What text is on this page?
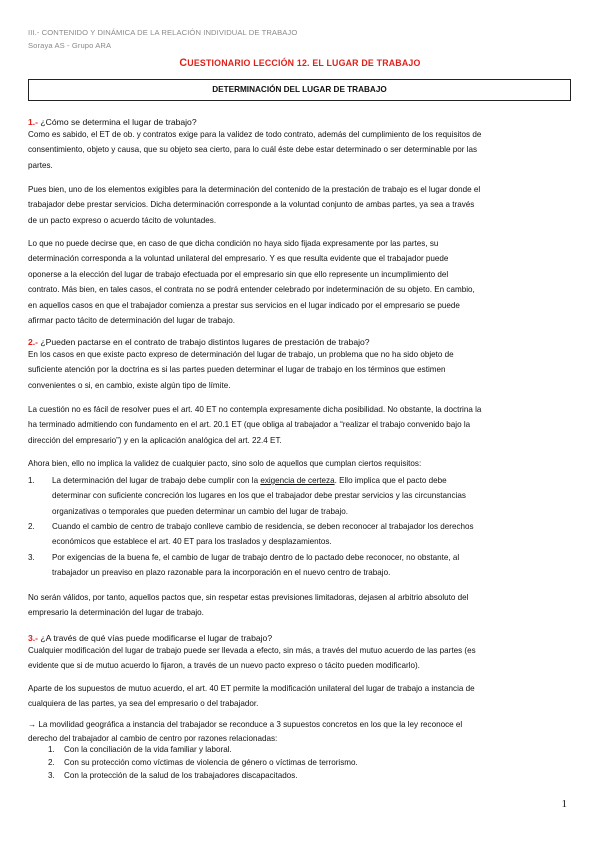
III.- CONTENIDO Y DINÁMICA DE LA RELACIÓN INDIVIDUAL DE TRABAJO
Soraya AS - Grupo ARA
CUESTIONARIO LECCIÓN 12. EL LUGAR DE TRABAJO
DETERMINACIÓN DEL LUGAR DE TRABAJO
1.- ¿Cómo se determina el lugar de trabajo?
Como es sabido, el ET de ob. y contratos exige para la validez de todo contrato, además del cumplimiento de los requisitos de
consentimiento, objeto y causa, que su objeto sea cierto, para lo cuál éste debe estar determinado o ser determinable por las
partes.
Pues bien, uno de los elementos exigibles para la determinación del contenido de la prestación de trabajo es el lugar donde el
trabajador debe prestar servicios. Dicha determinación corresponde a la voluntad conjunto de ambas partes, ya sea a través
de un pacto expreso o acuerdo tácito de voluntades.
Lo que no puede decirse que, en caso de que dicha condición no haya sido fijada expresamente por las partes, su
determinación corresponda a la voluntad unilateral del empresario. Y es que resulta evidente que el trabajador puede
oponerse a la elección del lugar de trabajo efectuada por el empresario sin que ello represente un incumplimiento del
contrato. Más bien, en tales casos, el contrata no se podrá entender celebrado por indeterminación de su objeto. En cambio,
en aquellos casos en que el trabajador comienza a prestar sus servicios en el lugar indicado por el empresario se puede
afirmar pacto tácito de determinación del lugar de trabajo.
2.- ¿Pueden pactarse en el contrato de trabajo distintos lugares de prestación de trabajo?
En los casos en que existe pacto expreso de determinación del lugar de trabajo, un problema que no ha sido objeto de
suficiente atención por la doctrina es si las partes pueden determinar el lugar de trabajo en los términos que estimen
convenientes o si, en cambio, existe algún tipo de límite.
La cuestión no es fácil de resolver pues el art. 40 ET no contempla expresamente dicha posibilidad. No obstante, la doctrina la
ha terminado admitiendo con fundamento en el art. 20.1 ET (que obliga al trabajador a “realizar el trabajo convenido bajo la
dirección del empresario”) y en la aplicación analógica del art. 22.4 ET.
Ahora bien, ello no implica la validez de cualquier pacto, sino solo de aquellos que cumplan ciertos requisitos:
1. La determinación del lugar de trabajo debe cumplir con la exigencia de certeza. Ello implica que el pacto debe
determinar con suficiente concreción los lugares en los que el trabajador debe prestar servicios y las circunstancias
organizativas o temporales que pueden determinar un cambio del lugar de trabajo.
2. Cuando el cambio de centro de trabajo conlleve cambio de residencia, se deben reconocer al trabajador los derechos
económicos que establece el art. 40 ET para los traslados y desplazamientos.
3. Por exigencias de la buena fe, el cambio de lugar de trabajo dentro de lo pactado debe reconocer, no obstante, al
trabajador un preaviso en plazo razonable para la incorporación en el nuevo centro de trabajo.
No serán válidos, por tanto, aquellos pactos que, sin respetar estas previsiones limitadoras, dejasen al arbitrio absoluto del
empresario la determinación del lugar de trabajo.
3.- ¿A través de qué vías puede modificarse el lugar de trabajo?
Cualquier modificación del lugar de trabajo puede ser llevada a efecto, sin más, a través del mutuo acuerdo de las partes (es
evidente que si de mutuo acuerdo lo fijaron, a través de un nuevo pacto expreso o tácito pueden modificarlo).
Aparte de los supuestos de mutuo acuerdo, el art. 40 ET permite la modificación unilateral del lugar de trabajo a instancia de
cualquiera de las partes, ya sea del empresario o del trabajador.
→ La movilidad geográfica a instancia del trabajador se reconduce a 3 supuestos concretos en los que la ley reconoce el
derecho del trabajador al cambio de centro por razones relacionadas:
1. Con la conciliación de la vida familiar y laboral.
2. Con su protección como víctimas de violencia de género o víctimas de terrorismo.
3. Con la protección de la salud de los trabajadores discapacitados.
1
